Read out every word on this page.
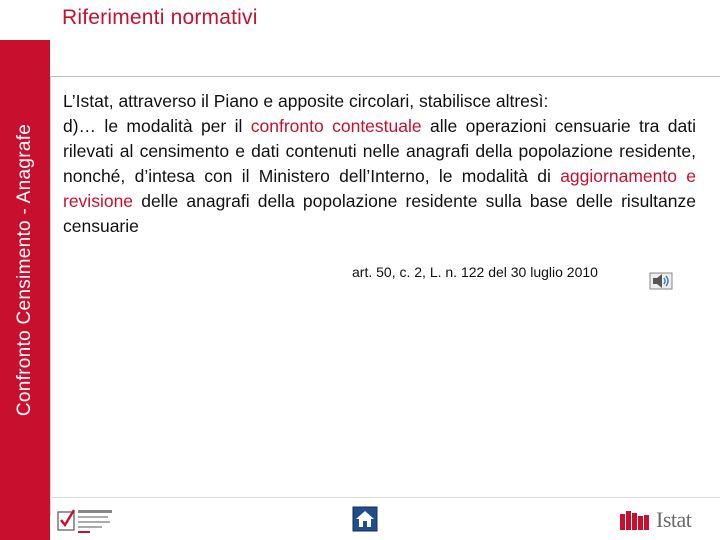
Confronto Censimento - Anagrafe
Riferimenti normativi
L’Istat, attraverso il Piano e apposite circolari, stabilisce altresì:
d)… le modalità per il confronto contestuale alle operazioni censuarie tra dati rilevati al censimento e dati contenuti nelle anagrafi della popolazione residente, nonché, d’intesa con il Ministero dell’Interno, le modalità di aggiornamento e revisione delle anagrafi della popolazione residente sulla base delle risultanze censuarie
art. 50, c. 2, L. n. 122 del 30 luglio 2010
Istat
